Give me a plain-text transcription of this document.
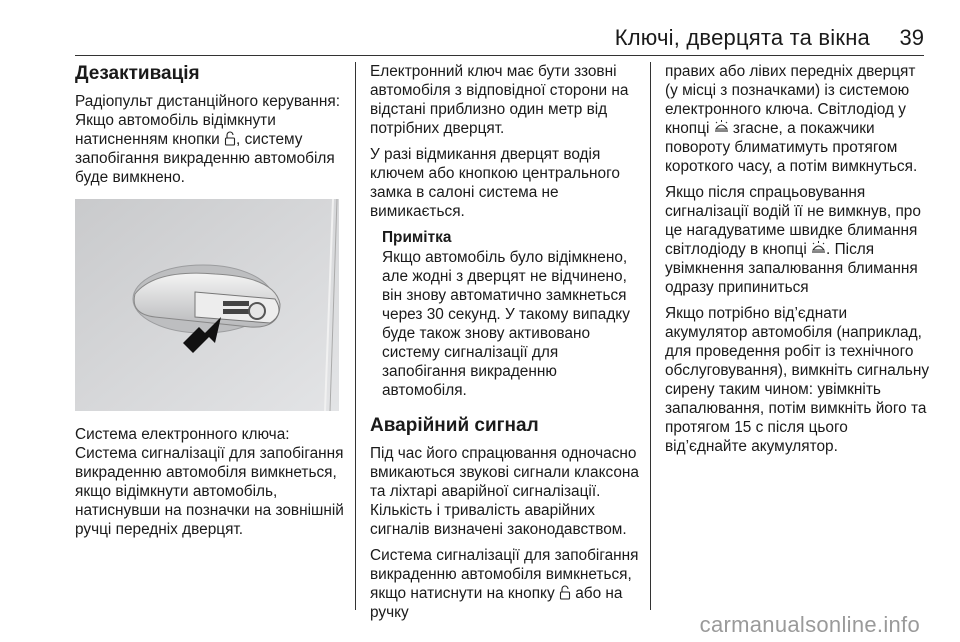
Ключі, дверцята та вікна 39
Дезактивація

Радіопульт дистанційного керування: Якщо автомобіль відімкнути натисненням кнопки , систему запобігання викраденню автомобіля буде вимкнено.

Система електронного ключа: Система сигналізації для запобігання викраденню автомобіля вимкнеться, якщо відімкнути автомобіль, натиснувши на позначки на зовнішній ручці передніх дверцят.

Електронний ключ має бути ззовні автомобіля з відповідної сторони на відстані приблизно один метр від потрібних дверцят.

У разі відмикання дверцят водія ключем або кнопкою центрального замка в салоні система не вимикається.

Примітка

Якщо автомобіль було відімкнено, але жодні з дверцят не відчинено, він знову автоматично замкнеться через 30 секунд. У такому випадку буде також знову активовано систему сигналізації для запобігання викраденню автомобіля.

Аварійний сигнал

Під час його спрацювання одночасно вмикаються звукові сигнали клаксона та ліхтарі аварійної сигналізації. Кількість і тривалість аварійних сигналів визначені законодавством.

Система сигналізації для запобігання викраденню автомобіля вимкнеться, якщо натиснути на кнопку  або на ручку

правих або лівих передніх дверцят (у місці з позначками) із системою електронного ключа. Світлодіод у кнопці  згасне, а покажчики повороту блиматимуть протягом короткого часу, а потім вимкнуться.

Якщо після спрацьовування сигналізації водій її не вимкнув, про це нагадуватиме швидке блимання світлодіоду в кнопці . Після увімкнення запалювання блимання одразу припиниться

Якщо потрібно від’єднати акумулятор автомобіля (наприклад, для проведення робіт із технічного обслуговування), вимкніть сигнальну сирену таким чином: увімкніть запалювання, потім вимкніть його та протягом 15 с після цього від’єднайте акумулятор.

carmanualsonline.info
